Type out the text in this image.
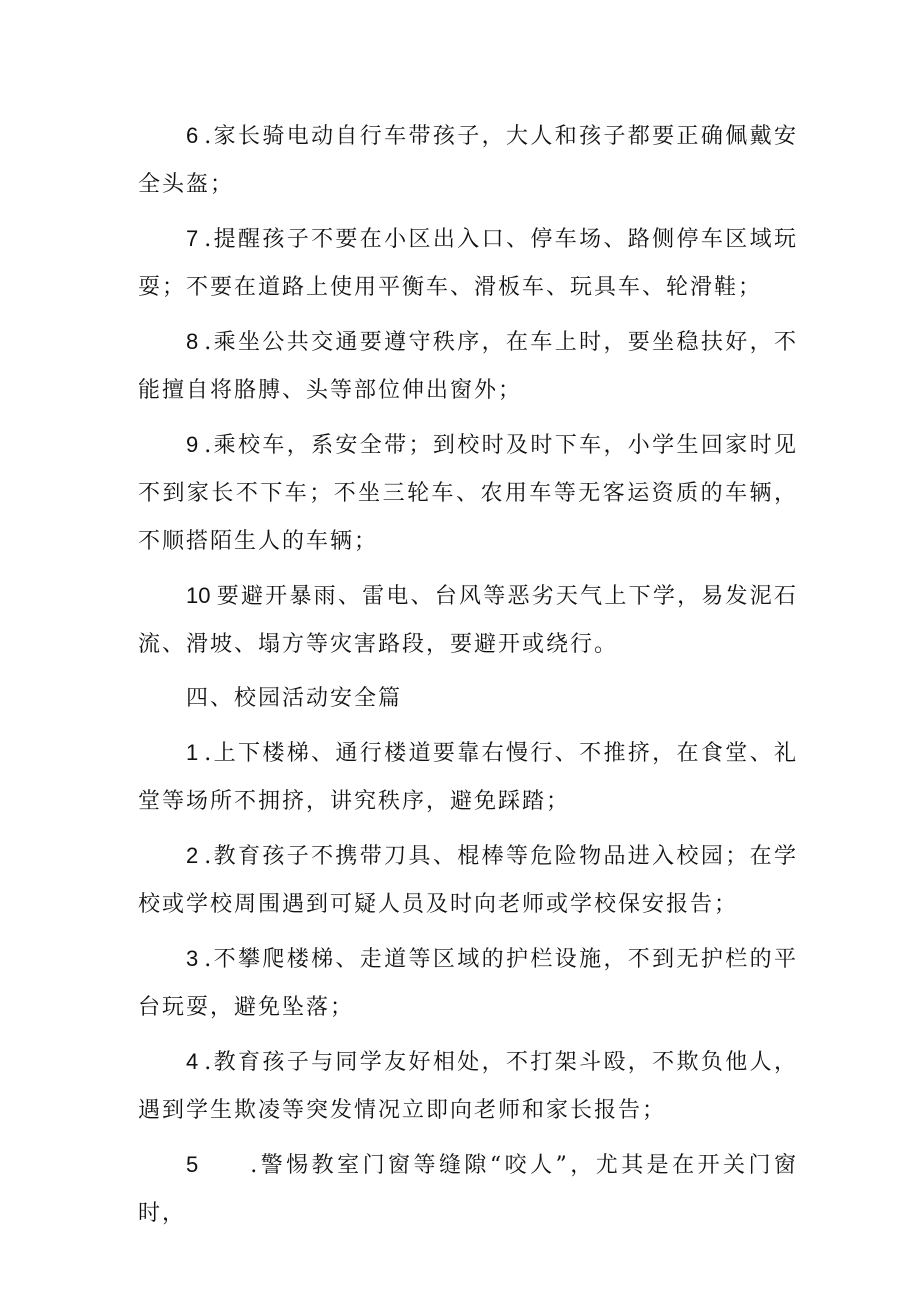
6 .家长骑电动自行车带孩子，大人和孩子都要正确佩戴安全头盔；

7 .提醒孩子不要在小区出入口、停车场、路侧停车区域玩耍；不要在道路上使用平衡车、滑板车、玩具车、轮滑鞋；

8 .乘坐公共交通要遵守秩序，在车上时，要坐稳扶好，不能擅自将胳膊、头等部位伸出窗外；

9 .乘校车，系安全带；到校时及时下车，小学生回家时见不到家长不下车；不坐三轮车、农用车等无客运资质的车辆，不顺搭陌生人的车辆；

10 要避开暴雨、雷电、台风等恶劣天气上下学，易发泥石流、滑坡、塌方等灾害路段，要避开或绕行。

四、校园活动安全篇

1 .上下楼梯、通行楼道要靠右慢行、不推挤，在食堂、礼堂等场所不拥挤，讲究秩序，避免踩踏；

2 .教育孩子不携带刀具、棍棒等危险物品进入校园；在学校或学校周围遇到可疑人员及时向老师或学校保安报告；

3 .不攀爬楼梯、走道等区域的护栏设施，不到无护栏的平台玩耍，避免坠落；

4 .教育孩子与同学友好相处，不打架斗殴，不欺负他人，遇到学生欺凌等突发情况立即向老师和家长报告；

5 .警惕教室门窗等缝隙“咬人”，尤其是在开关门窗时，
